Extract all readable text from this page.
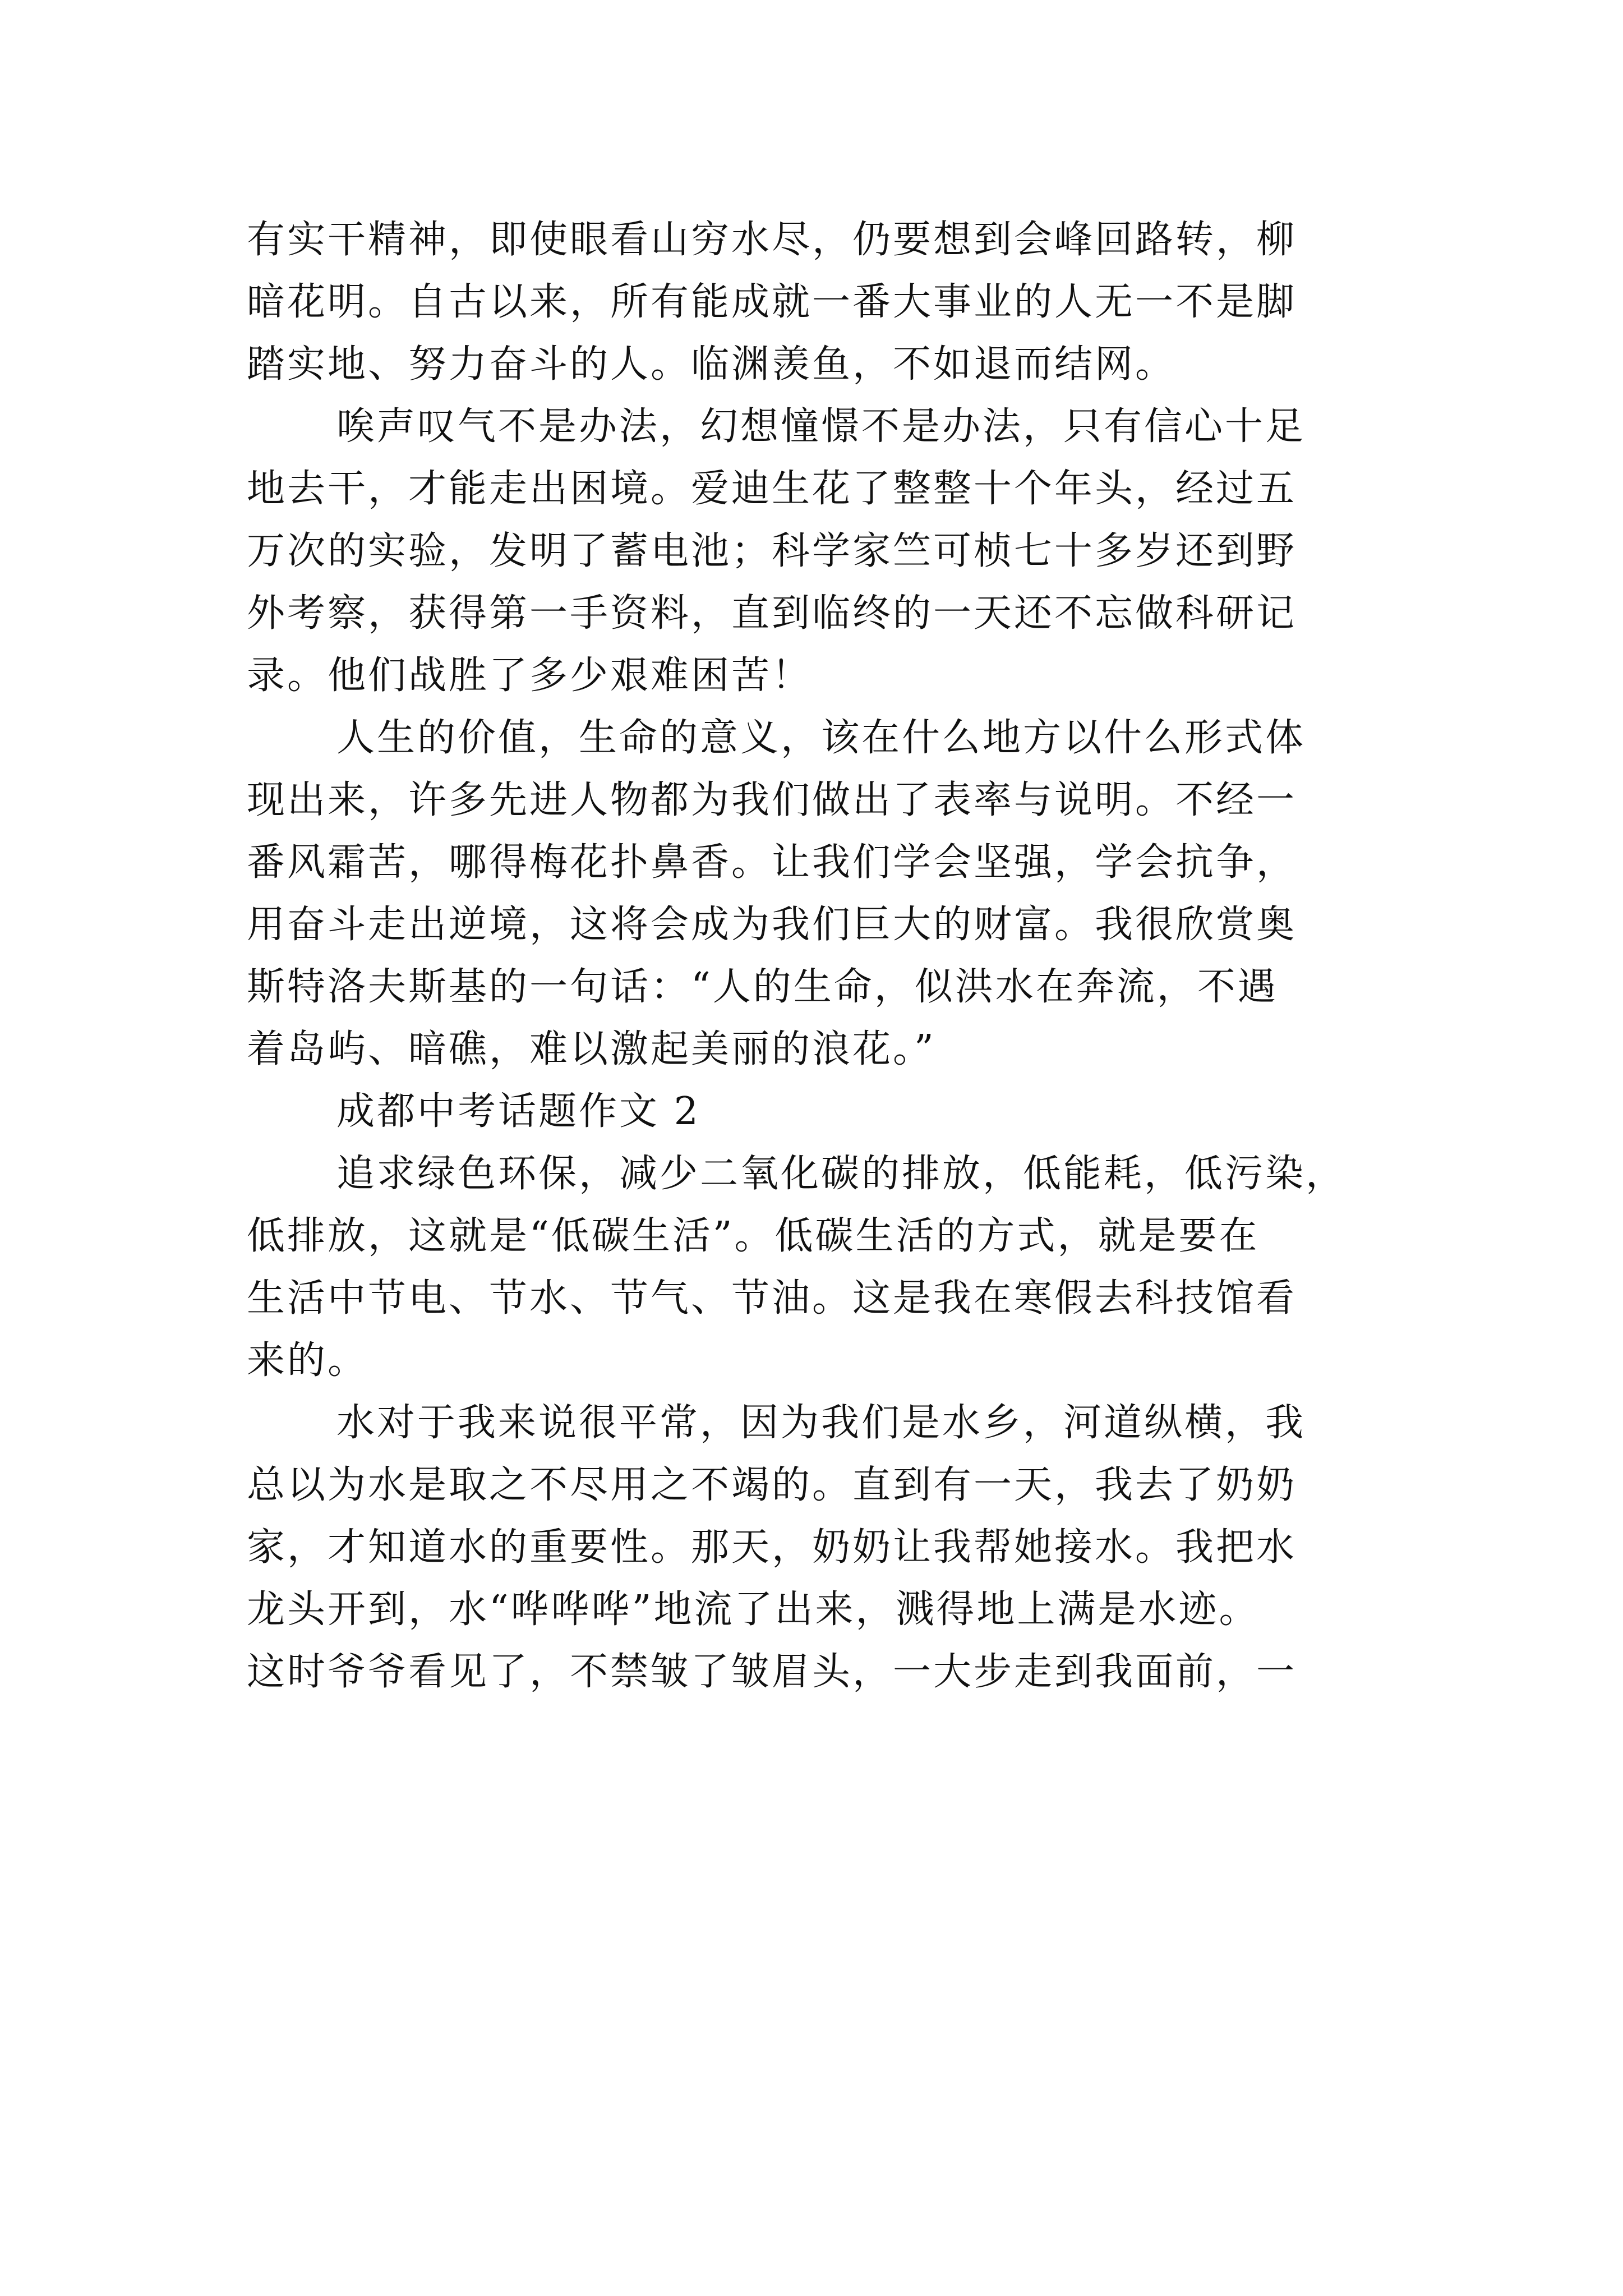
有实干精神，即使眼看山穷水尽，仍要想到会峰回路转，柳
暗花明。自古以来，所有能成就一番大事业的人无一不是脚
踏实地、努力奋斗的人。临渊羡鱼，不如退而结网。
唉声叹气不是办法，幻想憧憬不是办法，只有信心十足
地去干，才能走出困境。爱迪生花了整整十个年头，经过五
万次的实验，发明了蓄电池；科学家竺可桢七十多岁还到野
外考察，获得第一手资料，直到临终的一天还不忘做科研记
录。他们战胜了多少艰难困苦！
人生的价值，生命的意义，该在什么地方以什么形式体
现出来，许多先进人物都为我们做出了表率与说明。不经一
番风霜苦，哪得梅花扑鼻香。让我们学会坚强，学会抗争，
用奋斗走出逆境，这将会成为我们巨大的财富。我很欣赏奥
斯特洛夫斯基的一句话：“人的生命，似洪水在奔流，不遇
着岛屿、暗礁，难以激起美丽的浪花。”
成都中考话题作文 2
追求绿色环保，减少二氧化碳的排放，低能耗，低污染，
低排放，这就是“低碳生活”。低碳生活的方式，就是要在
生活中节电、节水、节气、节油。这是我在寒假去科技馆看
来的。
水对于我来说很平常，因为我们是水乡，河道纵横，我
总以为水是取之不尽用之不竭的。直到有一天，我去了奶奶
家，才知道水的重要性。那天，奶奶让我帮她接水。我把水
龙头开到，水“哗哗哗”地流了出来，溅得地上满是水迹。
这时爷爷看见了，不禁皱了皱眉头，一大步走到我面前，一
